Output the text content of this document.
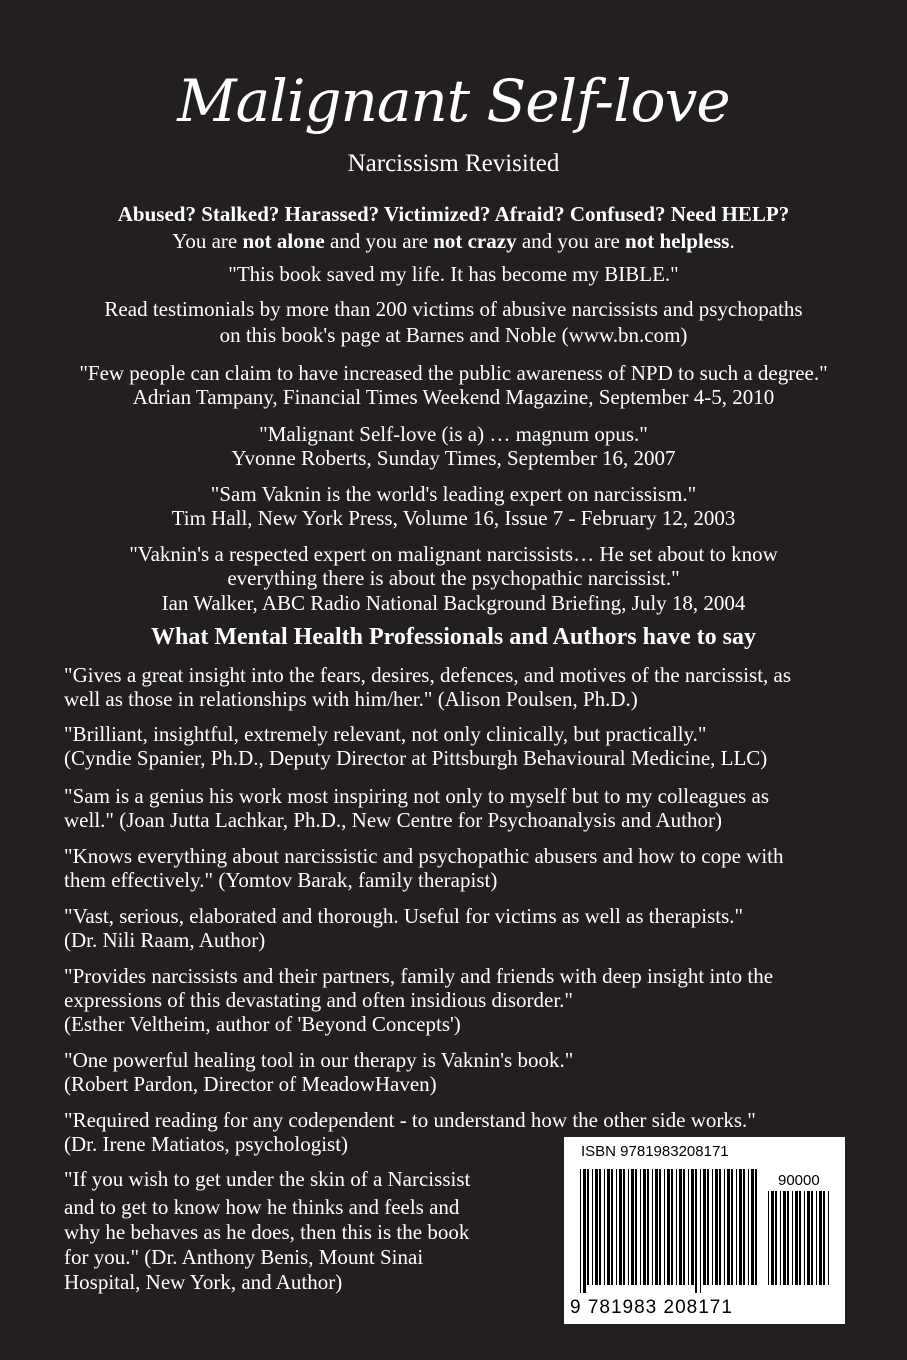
Malignant Self-love
Narcissism Revisited
Abused? Stalked? Harassed? Victimized? Afraid? Confused? Need HELP?
You are not alone and you are not crazy and you are not helpless.
"This book saved my life. It has become my BIBLE."
Read testimonials by more than 200 victims of abusive narcissists and psychopaths
on this book's page at Barnes and Noble (www.bn.com)
"Few people can claim to have increased the public awareness of NPD to such a degree."
Adrian Tampany, Financial Times Weekend Magazine, September 4-5, 2010
"Malignant Self-love (is a) … magnum opus."
Yvonne Roberts, Sunday Times, September 16, 2007
"Sam Vaknin is the world's leading expert on narcissism."
Tim Hall, New York Press, Volume 16, Issue 7 - February 12, 2003
"Vaknin's a respected expert on malignant narcissists… He set about to know
everything there is about the psychopathic narcissist."
Ian Walker, ABC Radio National Background Briefing, July 18, 2004
What Mental Health Professionals and Authors have to say
"Gives a great insight into the fears, desires, defences, and motives of the narcissist, as
well as those in relationships with him/her." (Alison Poulsen, Ph.D.)
"Brilliant, insightful, extremely relevant, not only clinically, but practically."
(Cyndie Spanier, Ph.D., Deputy Director at Pittsburgh Behavioural Medicine, LLC)
"Sam is a genius his work most inspiring not only to myself but to my colleagues as
well." (Joan Jutta Lachkar, Ph.D., New Centre for Psychoanalysis and Author)
"Knows everything about narcissistic and psychopathic abusers and how to cope with
them effectively." (Yomtov Barak, family therapist)
"Vast, serious, elaborated and thorough. Useful for victims as well as therapists."
(Dr. Nili Raam, Author)
"Provides narcissists and their partners, family and friends with deep insight into the
expressions of this devastating and often insidious disorder."
(Esther Veltheim, author of 'Beyond Concepts')
"One powerful healing tool in our therapy is Vaknin's book."
(Robert Pardon, Director of MeadowHaven)
"Required reading for any codependent - to understand how the other side works."
(Dr. Irene Matiatos, psychologist)
"If you wish to get under the skin of a Narcissist
and to get to know how he thinks and feels and
why he behaves as he does, then this is the book
for you." (Dr. Anthony Benis, Mount Sinai
Hospital, New York, and Author)
ISBN 9781983208171
90000
9 781983 208171
